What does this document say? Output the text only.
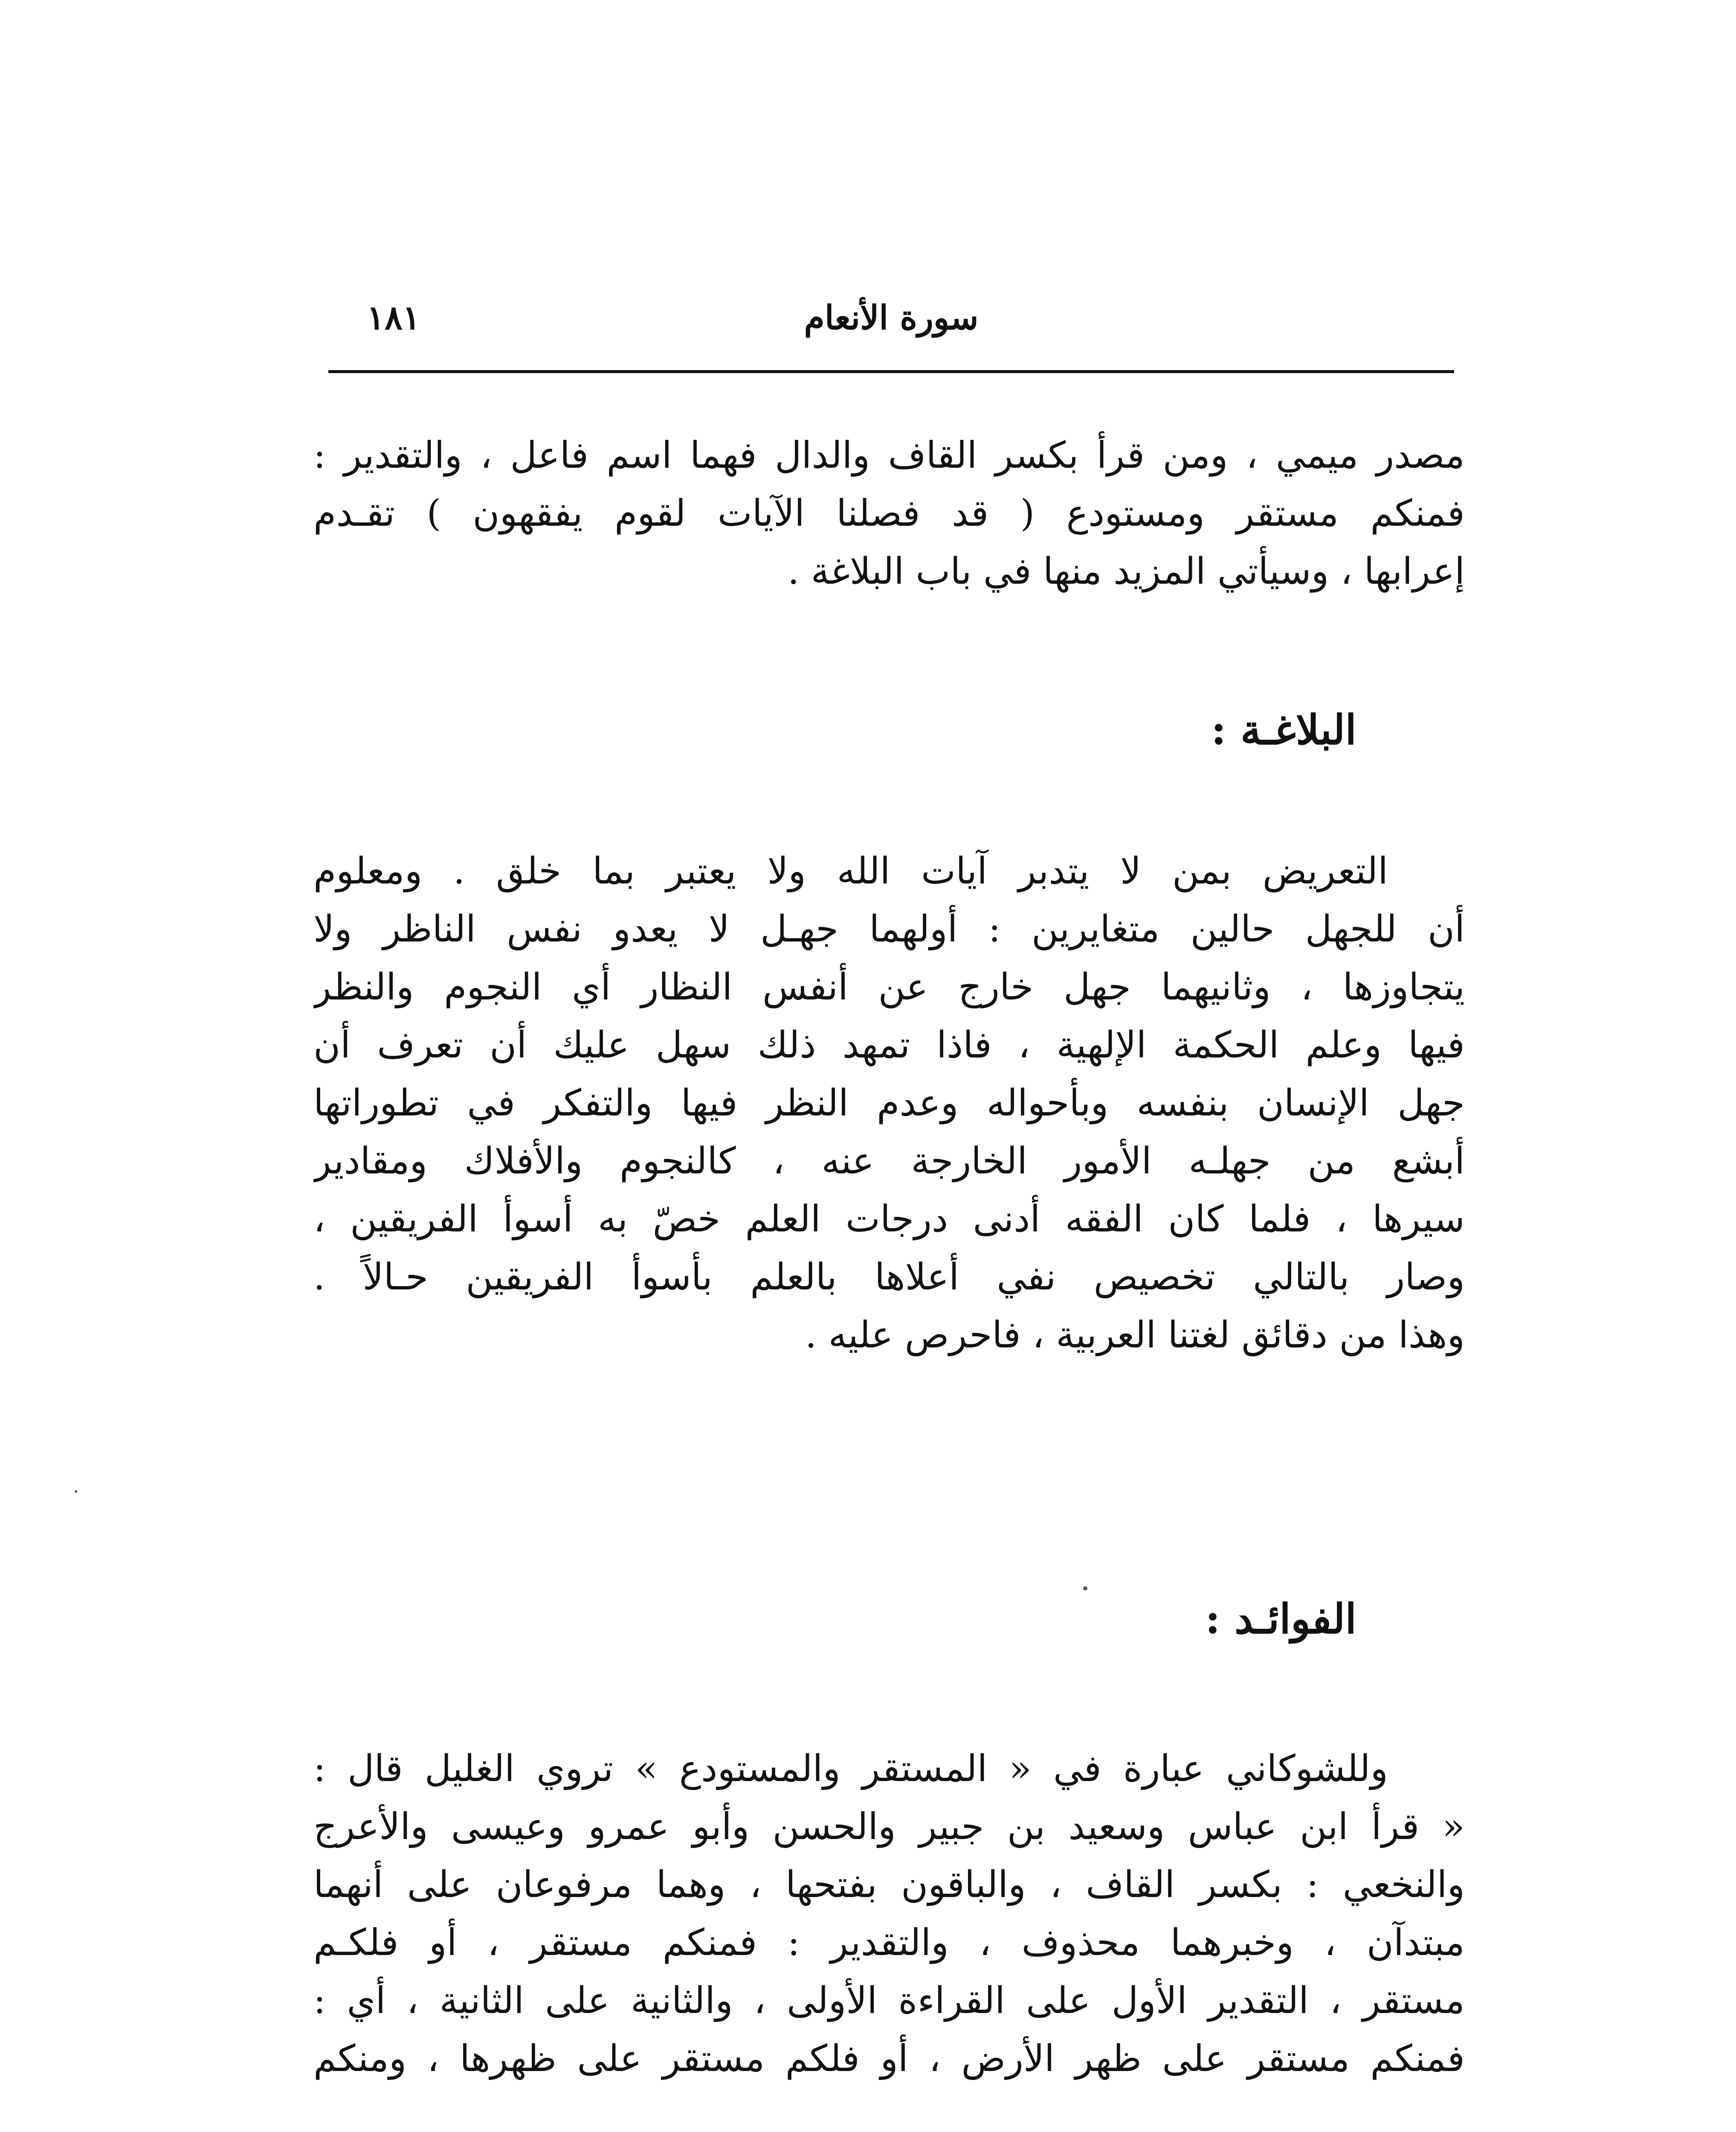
١٨١	سورة الأنعام
مصدر ميمي ، ومن قرأ بكسر القاف والدال فهما اسم فاعل ، والتقدير :
فمنكم مستقر ومستودع ( قد فصلنا الآيات لقوم يفقهون ) تقـدم
إعرابها ، وسيأتي المزيد منها في باب البلاغة .
البلاغـة :
التعريض بمن لا يتدبر آيات الله ولا يعتبر بما خلق . ومعلوم
أن للجهل حالين متغايرين : أولهما جهـل لا يعدو نفس الناظر ولا
يتجاوزها ، وثانيهما جهل خارج عن أنفس النظار أي النجوم والنظر
فيها وعلم الحكمة الإلهية ، فاذا تمهد ذلك سهل عليك أن تعرف أن
جهل الإنسان بنفسه وبأحواله وعدم النظر فيها والتفكر في تطوراتها
أبشع من جهلـه الأمور الخارجة عنه ، كالنجوم والأفلاك ومقادير
سيرها ، فلما كان الفقه أدنى درجات العلم خصّ به أسوأ الفريقين ،
وصار بالتالي تخصيص نفي أعلاها بالعلم بأسوأ الفريقين حـالاً .
وهذا من دقائق لغتنا العربية ، فاحرص عليه .
الفوائـد :
وللشوكاني عبارة في « المستقر والمستودع » تروي الغليل قال :
« قرأ ابن عباس وسعيد بن جبير والحسن وأبو عمرو وعيسى والأعرج
والنخعي : بكسر القاف ، والباقون بفتحها ، وهما مرفوعان على أنهما
مبتدآن ، وخبرهما محذوف ، والتقدير : فمنكم مستقر ، أو فلكـم
مستقر ، التقدير الأول على القراءة الأولى ، والثانية على الثانية ، أي :
فمنكم مستقر على ظهر الأرض ، أو فلكم مستقر على ظهرها ، ومنكم
